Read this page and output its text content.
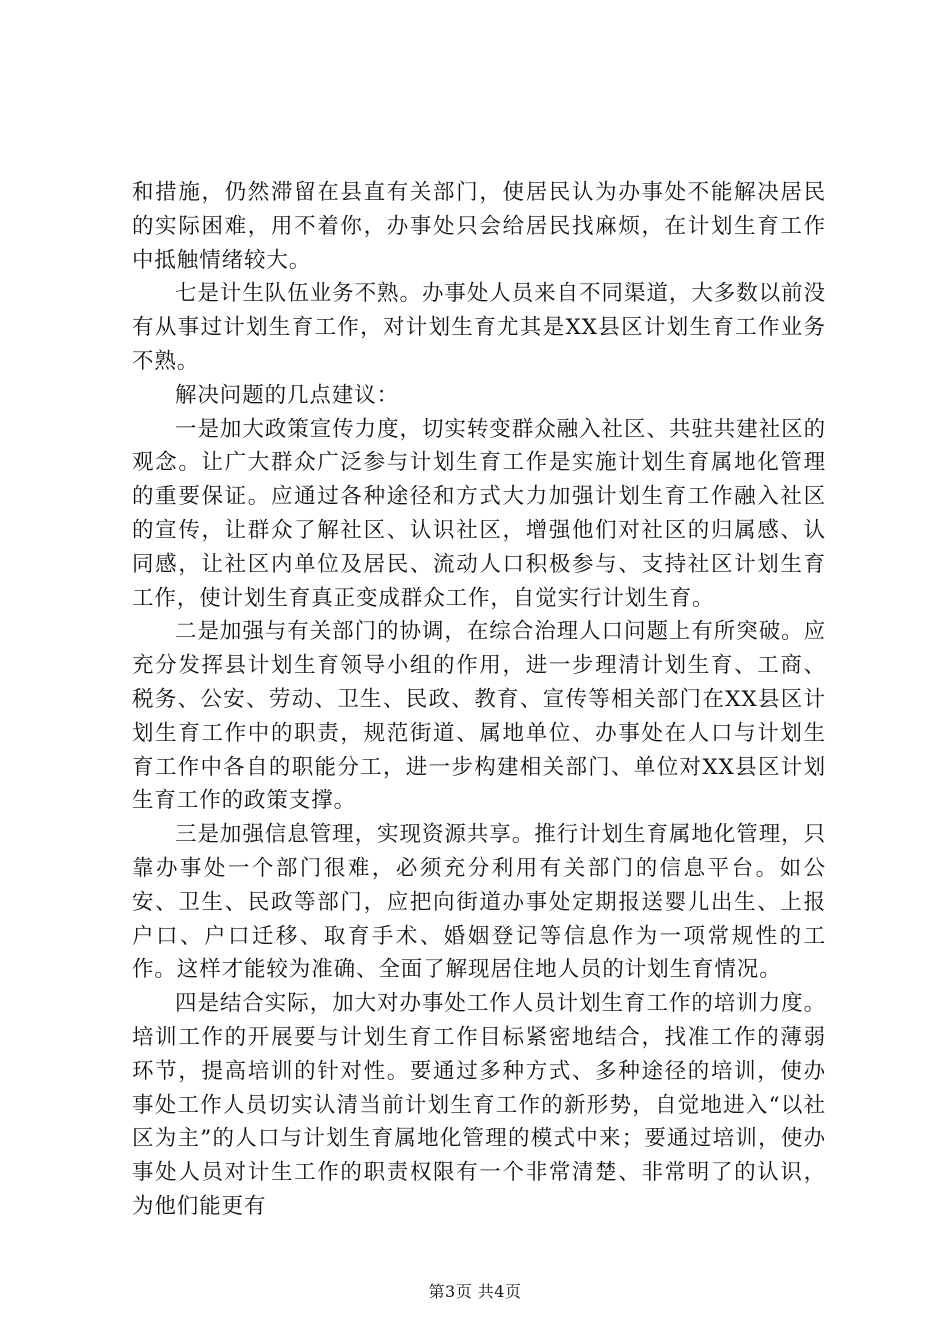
和措施，仍然滞留在县直有关部门，使居民认为办事处不能解决居民的实际困难，用不着你，办事处只会给居民找麻烦，在计划生育工作中抵触情绪较大。

七是计生队伍业务不熟。办事处人员来自不同渠道，大多数以前没有从事过计划生育工作，对计划生育尤其是XX县区计划生育工作业务不熟。

解决问题的几点建议：

一是加大政策宣传力度，切实转变群众融入社区、共驻共建社区的观念。让广大群众广泛参与计划生育工作是实施计划生育属地化管理的重要保证。应通过各种途径和方式大力加强计划生育工作融入社区的宣传，让群众了解社区、认识社区，增强他们对社区的归属感、认同感，让社区内单位及居民、流动人口积极参与、支持社区计划生育工作，使计划生育真正变成群众工作，自觉实行计划生育。

二是加强与有关部门的协调，在综合治理人口问题上有所突破。应充分发挥县计划生育领导小组的作用，进一步理清计划生育、工商、税务、公安、劳动、卫生、民政、教育、宣传等相关部门在XX县区计划生育工作中的职责，规范街道、属地单位、办事处在人口与计划生育工作中各自的职能分工，进一步构建相关部门、单位对XX县区计划生育工作的政策支撑。

三是加强信息管理，实现资源共享。推行计划生育属地化管理，只靠办事处一个部门很难，必须充分利用有关部门的信息平台。如公安、卫生、民政等部门，应把向街道办事处定期报送婴儿出生、上报户口、户口迁移、取育手术、婚姻登记等信息作为一项常规性的工作。这样才能较为准确、全面了解现居住地人员的计划生育情况。

四是结合实际，加大对办事处工作人员计划生育工作的培训力度。培训工作的开展要与计划生育工作目标紧密地结合，找准工作的薄弱环节，提高培训的针对性。要通过多种方式、多种途径的培训，使办事处工作人员切实认清当前计划生育工作的新形势，自觉地进入“以社区为主”的人口与计划生育属地化管理的模式中来；要通过培训，使办事处人员对计生工作的职责权限有一个非常清楚、非常明了的认识，为他们能更有

第3页 共4页
